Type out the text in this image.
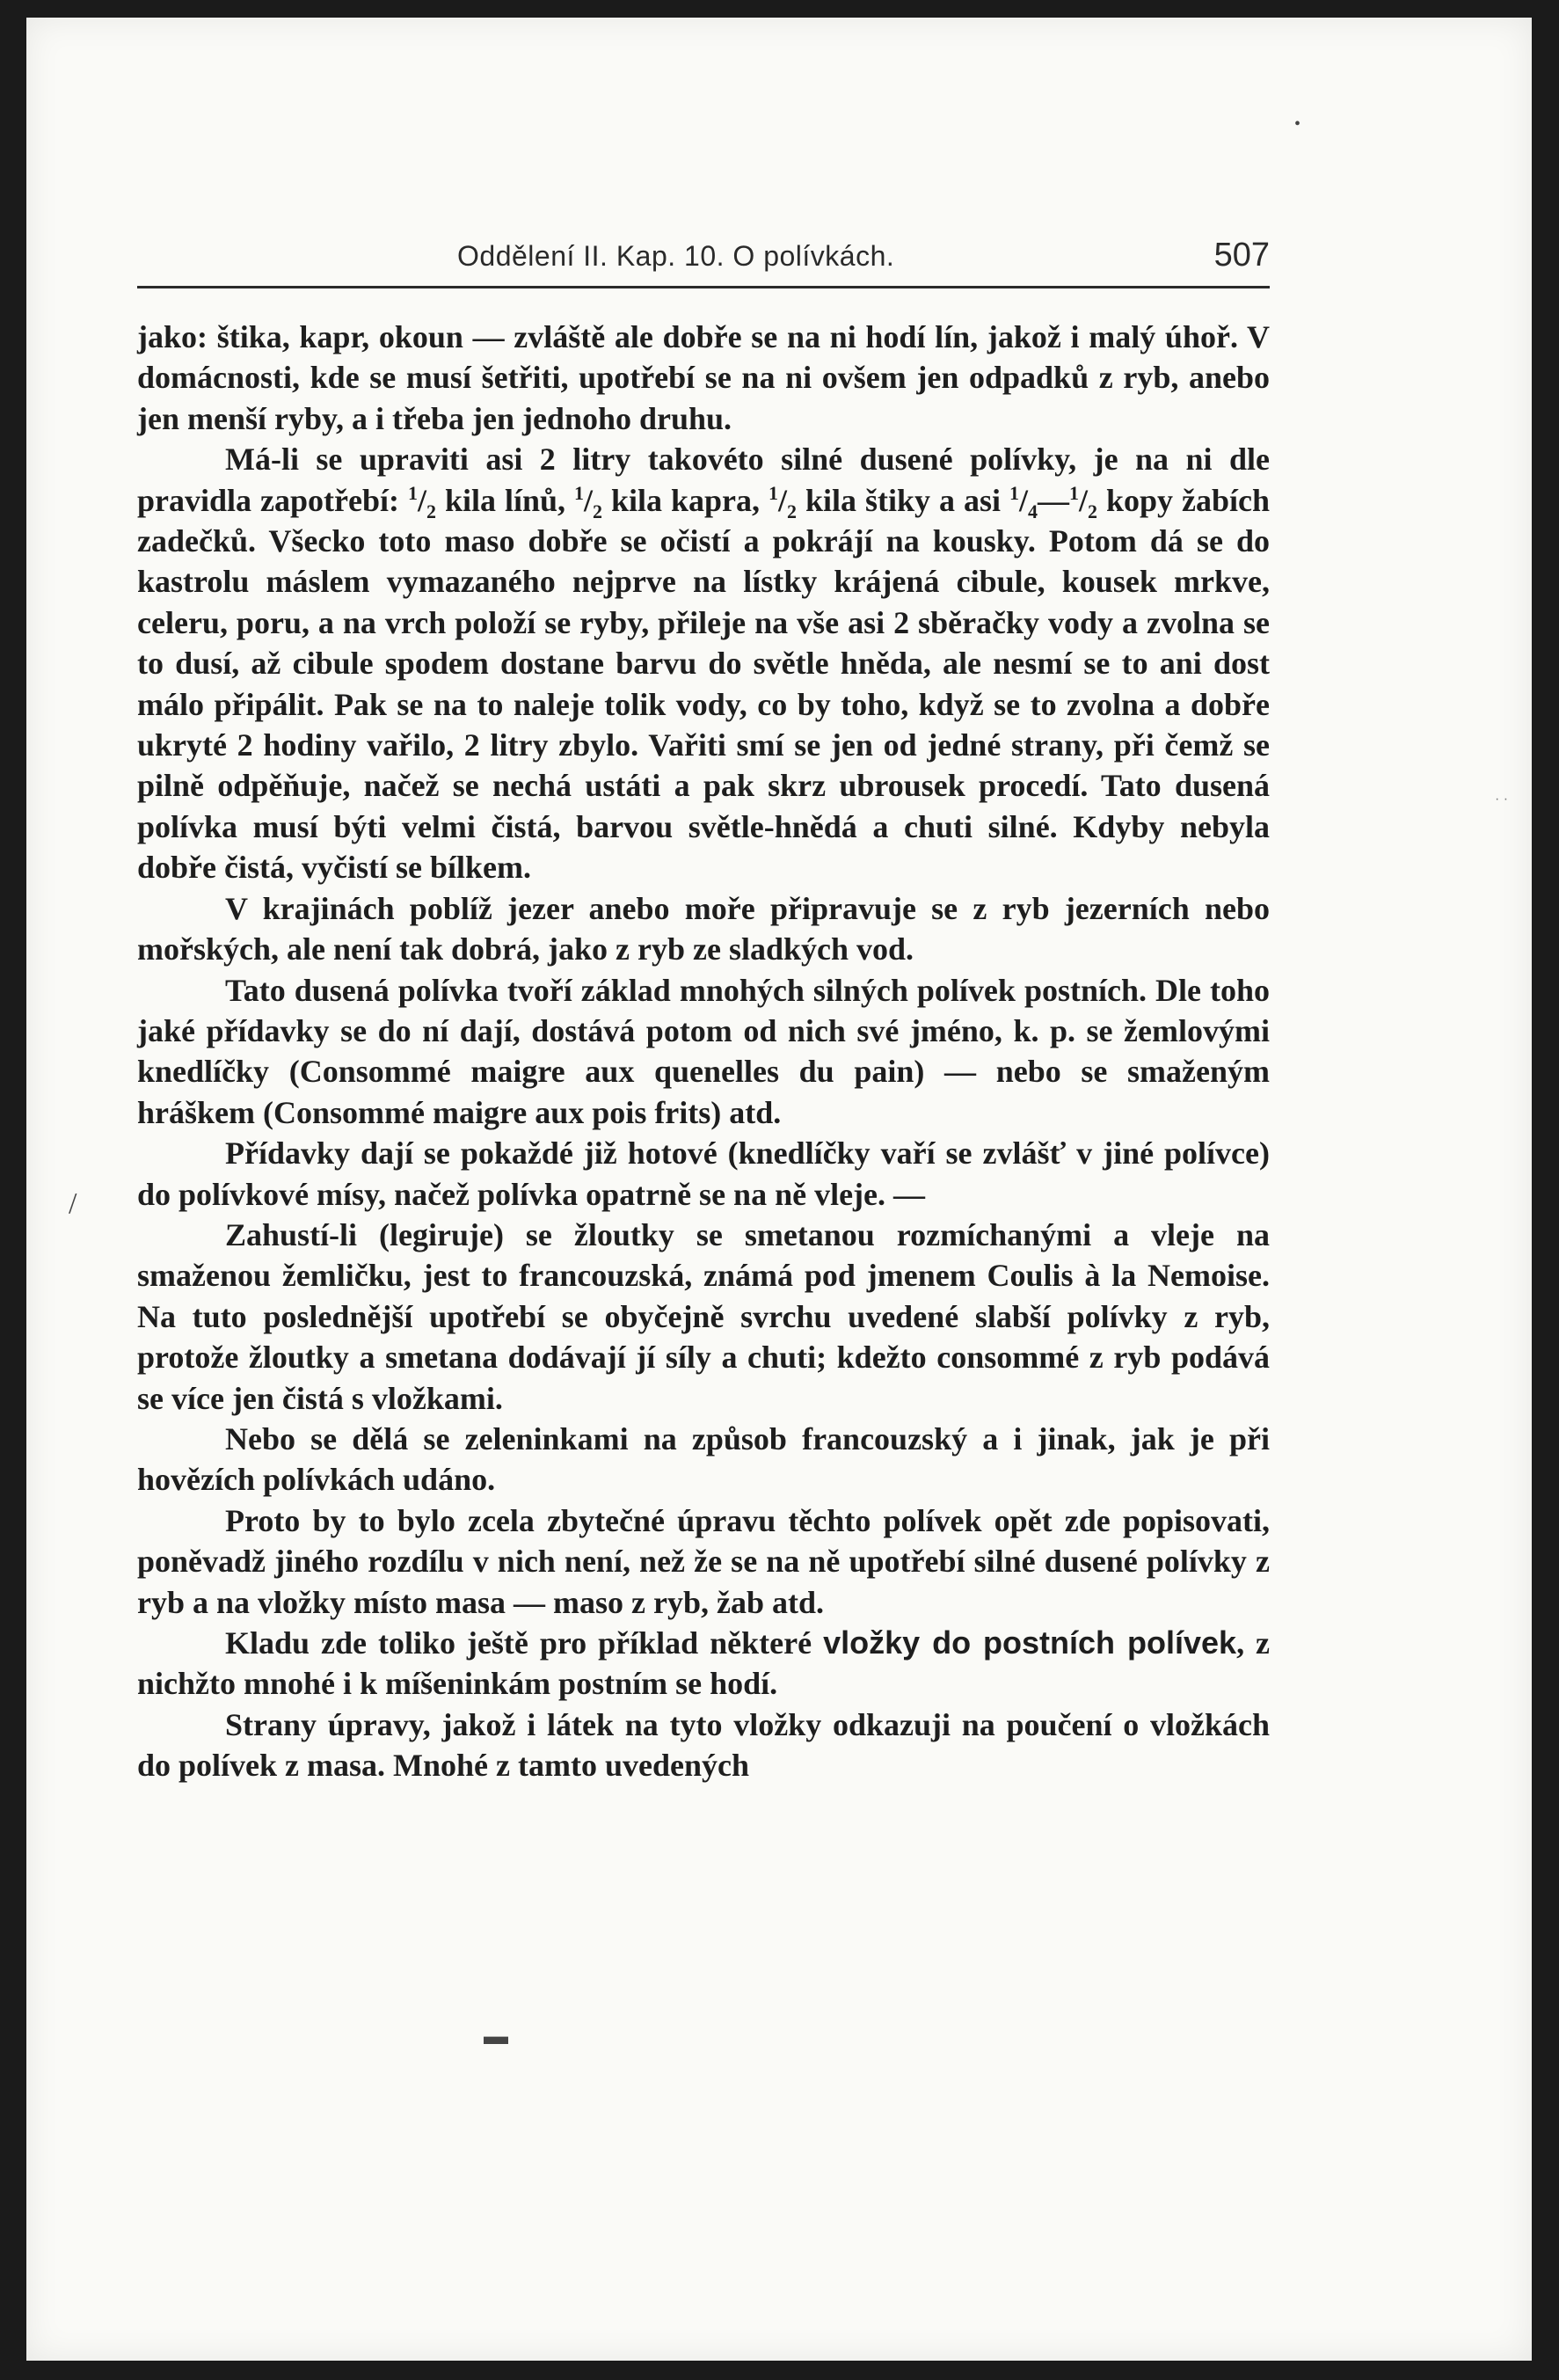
Oddělení II. Kap. 10. O polívkách.	507

jako: štika, kapr, okoun — zvláště ale dobře se na ni hodí lín, jakož i malý úhoř. V domácnosti, kde se musí šetřiti, upotřebí se na ni ovšem jen odpadků z ryb, anebo jen menší ryby, a i třeba jen jednoho druhu.

Má-li se upraviti asi 2 litry takovéto silné dusené polívky, je na ni dle pravidla zapotřebí: $^1/_2$ kila línů, $^1/_2$ kila kapra, $^1/_2$ kila štiky a asi $^1/_4—^1/_2$ kopy žabích zadečků. Všecko toto maso dobře se očistí a pokrájí na kousky. Potom dá se do kastrolu máslem vymazaného nejprve na lístky krájená cibule, kousek mrkve, celeru, poru, a na vrch položí se ryby, přileje na vše asi 2 sběračky vody a zvolna se to dusí, až cibule spodem dostane barvu do světle hněda, ale nesmí se to ani dost málo připálit. Pak se na to naleje tolik vody, co by toho, když se to zvolna a dobře ukryté 2 hodiny vařilo, 2 litry zbylo. Vařiti smí se jen od jedné strany, při čemž se pilně odpěňuje, načež se nechá ustáti a pak skrz ubrousek procedí. Tato dusená polívka musí býti velmi čistá, barvou světle-hnědá a chuti silné. Kdyby nebyla dobře čistá, vyčistí se bílkem.

V krajinách poblíž jezer anebo moře připravuje se z ryb jezerních nebo mořských, ale není tak dobrá, jako z ryb ze sladkých vod.

Tato dusená polívka tvoří základ mnohých silných polívek postních. Dle toho jaké přídavky se do ní dají, dostává potom od nich své jméno, k. p. se žemlovými knedlíčky (Consommé maigre aux quenelles du pain) — nebo se smaženým hráškem (Consommé maigre aux pois frits) atd.

Přídavky dají se pokaždé již hotové (knedlíčky vaří se zvlášť v jiné polívce) do polívkové mísy, načež polívka opatrně se na ně vleje. —

Zahustí-li (legiruje) se žloutky se smetanou rozmíchanými a vleje na smaženou žemličku, jest to francouzská, známá pod jmenem Coulis à la Nemoise. Na tuto poslednější upotřebí se obyčejně svrchu uvedené slabší polívky z ryb, protože žloutky a smetana dodávají jí síly a chuti; kdežto consommé z ryb podává se více jen čistá s vložkami.

Nebo se dělá se zeleninkami na způsob francouzský a i jinak, jak je při hovězích polívkách udáno.

Proto by to bylo zcela zbytečné úpravu těchto polívek opět zde popisovati, poněvadž jiného rozdílu v nich není, než že se na ně upotřebí silné dusené polívky z ryb a na vložky místo masa — maso z ryb, žab atd.

Kladu zde toliko ještě pro příklad některé vložky do postních polívek, z nichžto mnohé i k míšeninkám postním se hodí.

Strany úpravy, jakož i látek na tyto vložky odkazuji na poučení o vložkách do polívek z masa. Mnohé z tamto uvedených

•
/
▬
· ·
